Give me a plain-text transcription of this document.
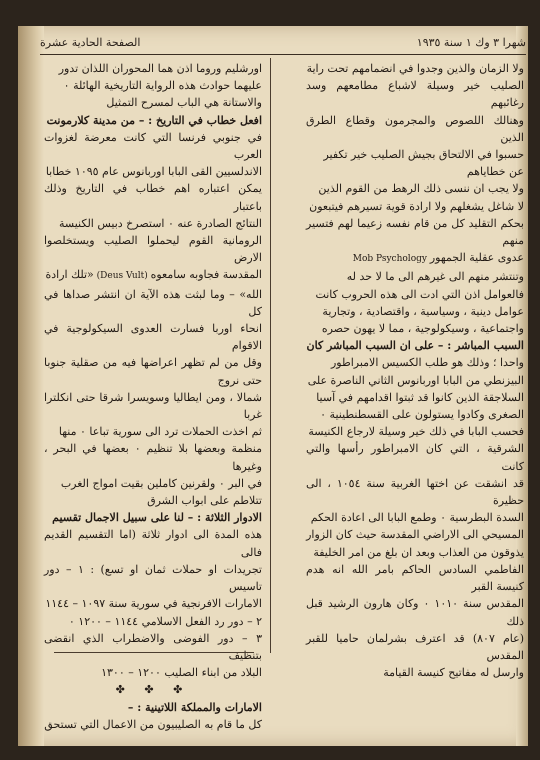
شهرا ٣ وك ١ سنة ١٩٣٥
الصفحة الحادية عشرة

ولا الزمان والذين وجدوا في انضمامهم تحت راية

الصليب خير وسيلة لاشباع مطامعهم وسد رغائبهم

وهنالك اللصوص والمجرمون وقطاع الطرق الذين

حسبوا في الالتحاق بجيش الصليب خير تكفير

عن خطاياهم

ولا يجب ان ننسى ذلك الرهط من القوم الذين

لا شاغل يشغلهم ولا ارادة قوية تسيرهم فيتبعون

بحكم التقليد كل من قام نفسه زعيما لهم فتسير منهم

عدوى عقلية الجمهور Mob Psychology

وتنتشر منهم الى غيرهم الى ما لا حد له

فالعوامل اذن التي ادت الى هذه الحروب كانت

عوامل دينية ، وسياسية ، واقتصادية ، وتجارية

واجتماعية ، وسيكولوجية ، مما لا يهون حصره

السبب المباشر : – على ان السبب المباشر كان

واحدا ؛ وذلك هو طلب الكسيس الامبراطور

البيزنطي من البابا اوربانوس الثاني الناصرة على

السلاجقة الذين كانوا قد ثبتوا اقدامهم في آسيا

الصغرى وكادوا يستولون على القسطنطينية ٠

فحسب البابا في ذلك خير وسيلة لارجاع الكنيسة

الشرقية ، التي كان الامبراطور رأسها والتي كانت

قد انشقت عن اختها الغربية سنة ١٠٥٤ ، الى حظيرة

السدة البطرسية ٠ وطمع البابا الى اعادة الحكم

المسيحي الى الاراضي المقدسة حيث كان الزوار

يذوقون من العذاب وبعد ان بلغ من امر الخليفة

الفاطمي السادس الحاكم بامر الله انه هدم كنيسة القبر

المقدس سنة ١٠١٠ ٠ وكان هارون الرشيد قبل ذلك

(عام ٨٠٧) قد اعترف بشرلمان حاميا للقبر المقدس

وارسل له مفاتيح كنيسة القيامة

اورشليم وروما اذن هما المحوران اللذان تدور

عليهما حوادث هذه الرواية التاريخية الهائلة ٠

والاستانة هي الباب لمسرح التمثيل

افعل خطاب في التاريخ : – من مدينة كلارمونت

في جنوبي فرنسا التي كانت معرضة لغزوات العرب

الاندلسيين القى البابا اوربانوس عام ١٠٩٥ خطابا

يمكن اعتباره اهم خطاب في التاريخ وذلك باعتبار

النتائج الصادرة عنه ٠ استصرخ دبيس الكنيسة

الرومانية القوم ليحملوا الصليب ويستخلصوا الارض

المقدسة فجاوبه سامعوه (Deus Vult) «تلك ارادة

الله» – وما لبثت هذه الآية ان انتشر صداها في كل

انحاء اوربا فسارت العدوى السيكولوجية في الاقوام

وقل من لم تظهر اعراضها فيه من صقلية جنوبا حتى نروج

شمالا ، ومن ايطاليا وسويسرا شرقا حتى انكلترا غربا

ثم اخذت الحملات ترد الى سورية تباعا ٠ منها

منظمة وبعضها بلا تنظيم ٠ بعضها في البحر ، وغيرها

في البر ٠ ولقرنين كاملين بقيت امواج الغرب

تتلاطم على ابواب الشرق

الادوار الثلاثة : – لنا على سبيل الاجمال تقسيم

هذه المدة الى ادوار ثلاثة (اما التقسيم القديم فالى

تجريدات او حملات ثمان او تسع) : ١ – دور تاسيس

الامارات الافرنجية في سورية سنة ١٠٩٧ – ١١٤٤

٢ – دور رد الفعل الاسلامي ١١٤٤ – ١٢٠٠ ٠

٣ – دور الفوضى والاضطراب الذي انقضى بتنظيف

البلاد من ابناء الصليب ١٢٠٠ – ١٣٠٠

✤ ✤ ✤

الامارات والمملكة اللاتينية : –

كل ما قام به الصليبيون من الاعمال التي تستحق
